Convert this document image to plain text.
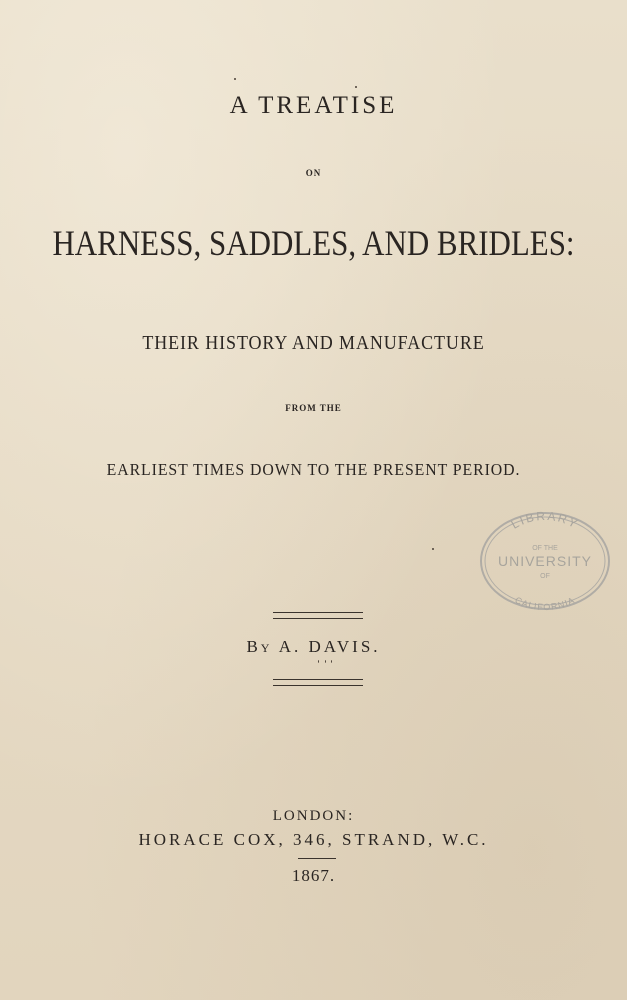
A TREATISE
ON
HARNESS, SADDLES, AND BRIDLES:
THEIR HISTORY AND MANUFACTURE
FROM THE
EARLIEST TIMES DOWN TO THE PRESENT PERIOD.
By A. DAVIS.
LONDON:
HORACE COX, 346, STRAND, W.C.
1867.
LIBRARY
OF THE
UNIVERSITY
OF
CALIFORNIA
